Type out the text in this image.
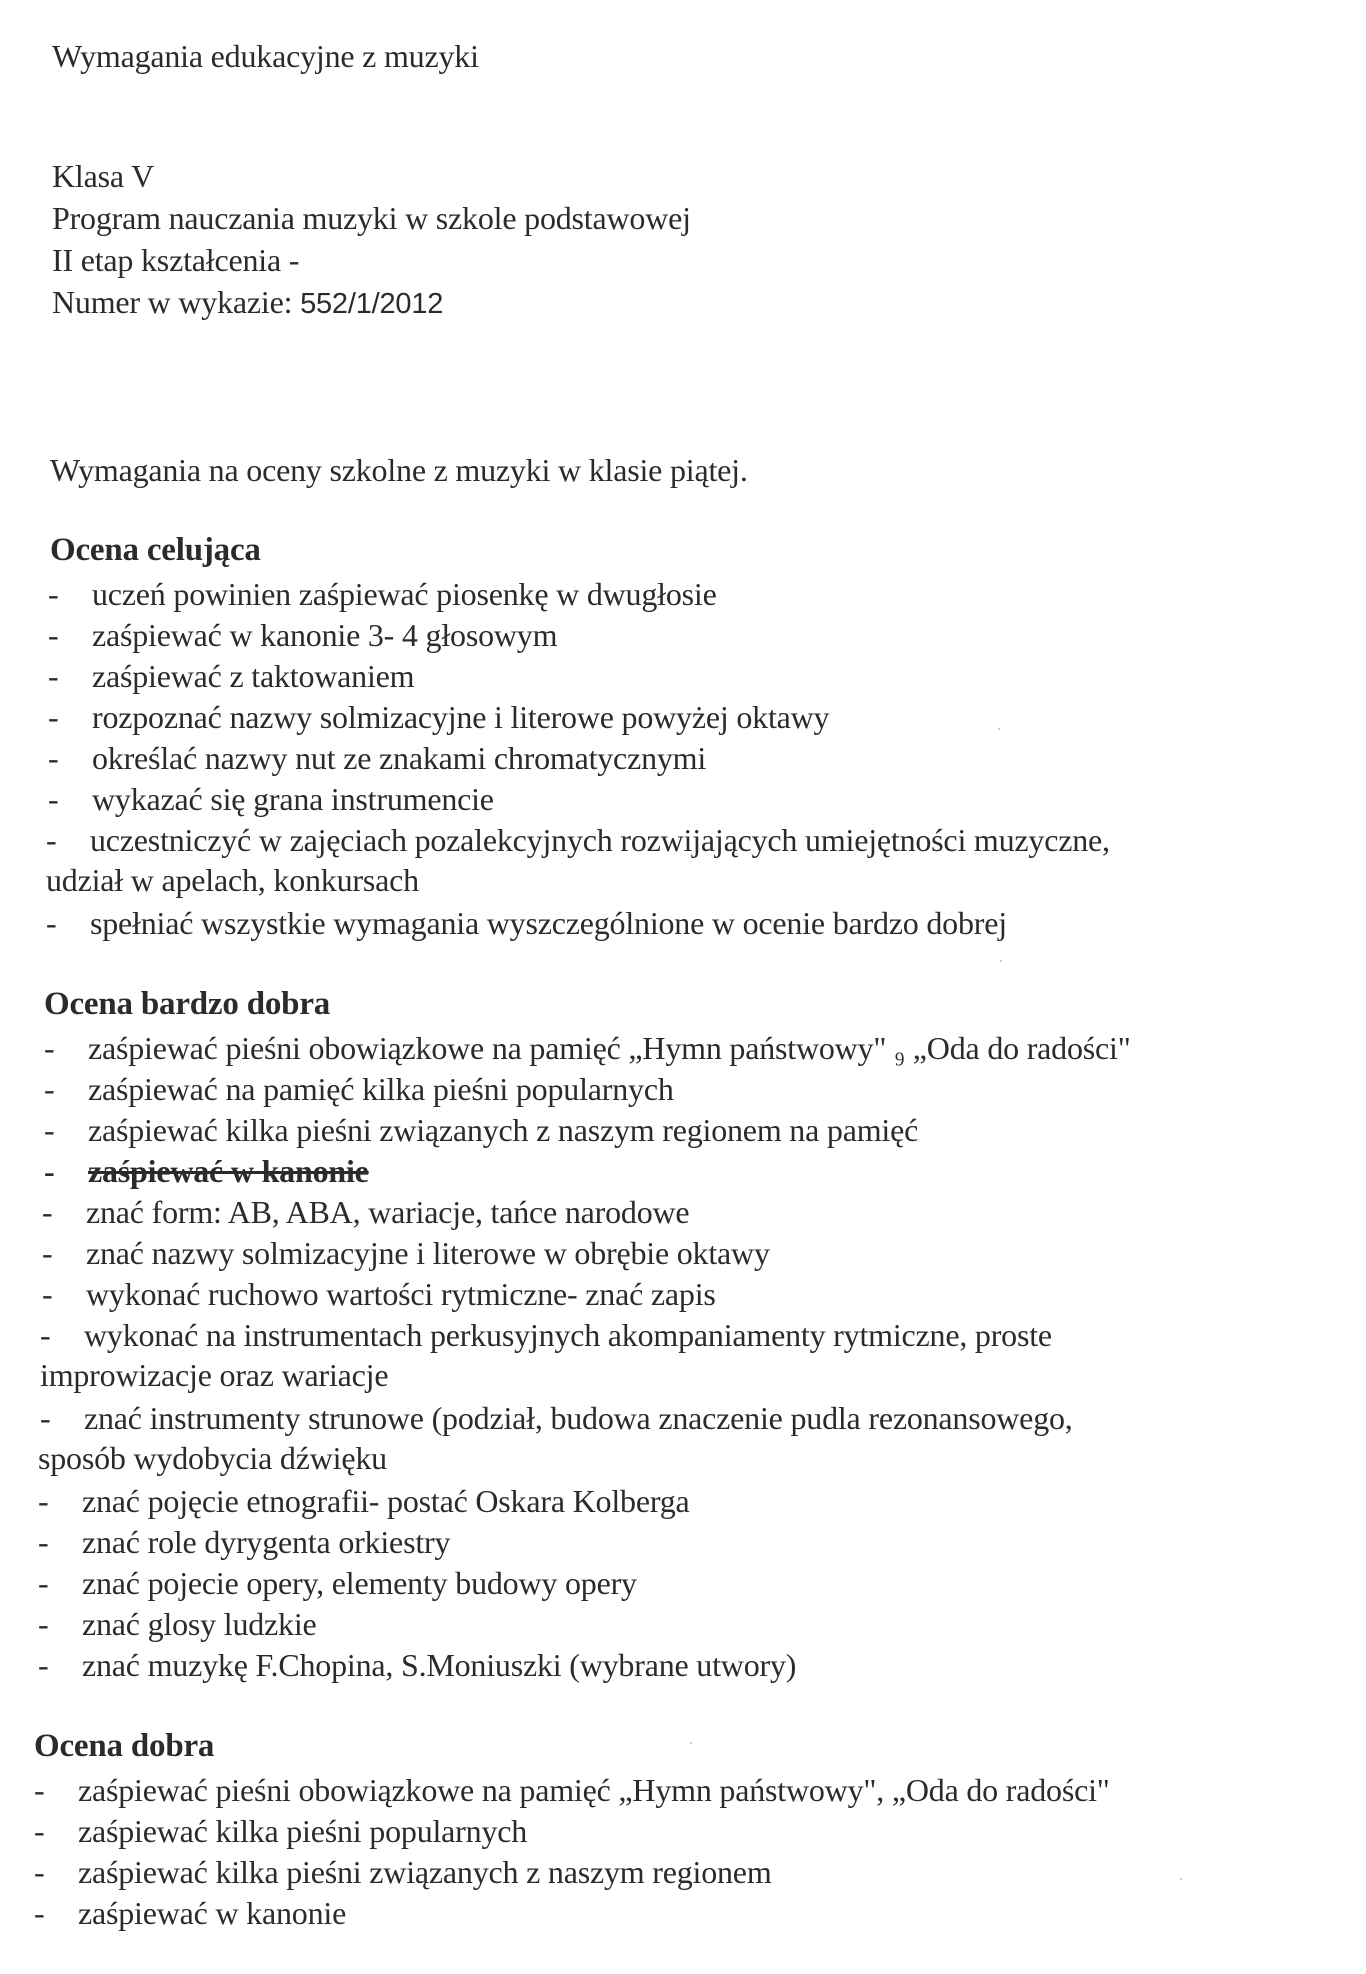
Wymagania edukacyjne z muzyki
Klasa V
Program nauczania muzyki w szkole podstawowej
II etap kształcenia -
Numer w wykazie: 552/1/2012
Wymagania na oceny szkolne z muzyki w klasie piątej.
Ocena celująca
- uczeń powinien zaśpiewać piosenkę w dwugłosie
- zaśpiewać w kanonie 3- 4 głosowym
- zaśpiewać z taktowaniem
- rozpoznać nazwy solmizacyjne i literowe powyżej oktawy
- określać nazwy nut ze znakami chromatycznymi
- wykazać się grana instrumencie
- uczestniczyć w zajęciach pozalekcyjnych rozwijających umiejętności muzyczne,
udział w apelach, konkursach
- spełniać wszystkie wymagania wyszczególnione w ocenie bardzo dobrej
Ocena bardzo dobra
- zaśpiewać pieśni obowiązkowe na pamięć „Hymn państwowy" ₉ „Oda do radości"
- zaśpiewać na pamięć kilka pieśni popularnych
- zaśpiewać kilka pieśni związanych z naszym regionem na pamięć
- zaśpiewać w kanonie
- znać form: AB, ABA, wariacje, tańce narodowe
- znać nazwy solmizacyjne i literowe w obrębie oktawy
- wykonać ruchowo wartości rytmiczne- znać zapis
- wykonać na instrumentach perkusyjnych akompaniamenty rytmiczne, proste
improwizacje oraz wariacje
- znać instrumenty strunowe (podział, budowa znaczenie pudla rezonansowego,
sposób wydobycia dźwięku
- znać pojęcie etnografii- postać Oskara Kolberga
- znać role dyrygenta orkiestry
- znać pojecie opery, elementy budowy opery
- znać glosy ludzkie
- znać muzykę F.Chopina, S.Moniuszki (wybrane utwory)
Ocena dobra
- zaśpiewać pieśni obowiązkowe na pamięć „Hymn państwowy", „Oda do radości"
- zaśpiewać kilka pieśni popularnych
- zaśpiewać kilka pieśni związanych z naszym regionem
- zaśpiewać w kanonie
